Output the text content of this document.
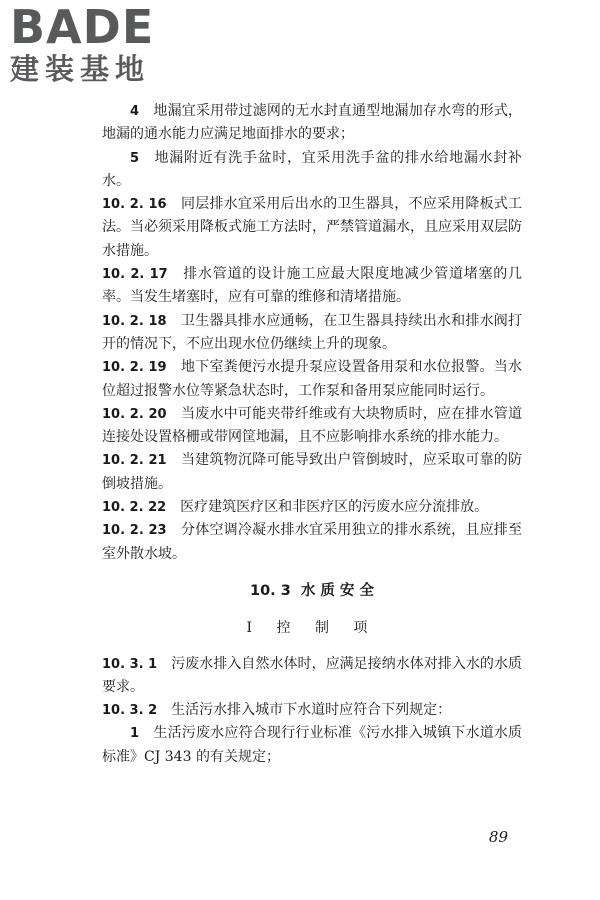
BADE
建装基地

4　 地漏宜采用带过滤网的无水封直通型地漏加存水弯的形式，地漏的通水能力应满足地面排水的要求；

5　 地漏附近有洗手盆时，宜采用洗手盆的排水给地漏水封补水。

10. 2. 16　 同层排水宜采用后出水的卫生器具，不应采用降板式工法。当必须采用降板式施工方法时，严禁管道漏水，且应采用双层防水措施。

10. 2. 17　 排水管道的设计施工应最大限度地减少管道堵塞的几率。当发生堵塞时，应有可靠的维修和清堵措施。

10. 2. 18　 卫生器具排水应通畅，在卫生器具持续出水和排水阀打开的情况下，不应出现水位仍继续上升的现象。

10. 2. 19　 地下室粪便污水提升泵应设置备用泵和水位报警。当水位超过报警水位等紧急状态时，工作泵和备用泵应能同时运行。

10. 2. 20　 当废水中可能夹带纤维或有大块物质时，应在排水管道连接处设置格栅或带网筐地漏，且不应影响排水系统的排水能力。

10. 2. 21　 当建筑物沉降可能导致出户管倒坡时，应采取可靠的防倒坡措施。

10. 2. 22　 医疗建筑医疗区和非医疗区的污废水应分流排放。

10. 2. 23　 分体空调冷凝水排水宜采用独立的排水系统，且应排至室外散水坡。

10. 3 水 质 安 全
Ⅰ 控 制 项

10. 3. 1　 污废水排入自然水体时，应满足接纳水体对排入水的水质要求。

10. 3. 2　 生活污水排入城市下水道时应符合下列规定：

1　 生活污废水应符合现行行业标准《污水排入城镇下水道水质标准》CJ 343 的有关规定；

89
